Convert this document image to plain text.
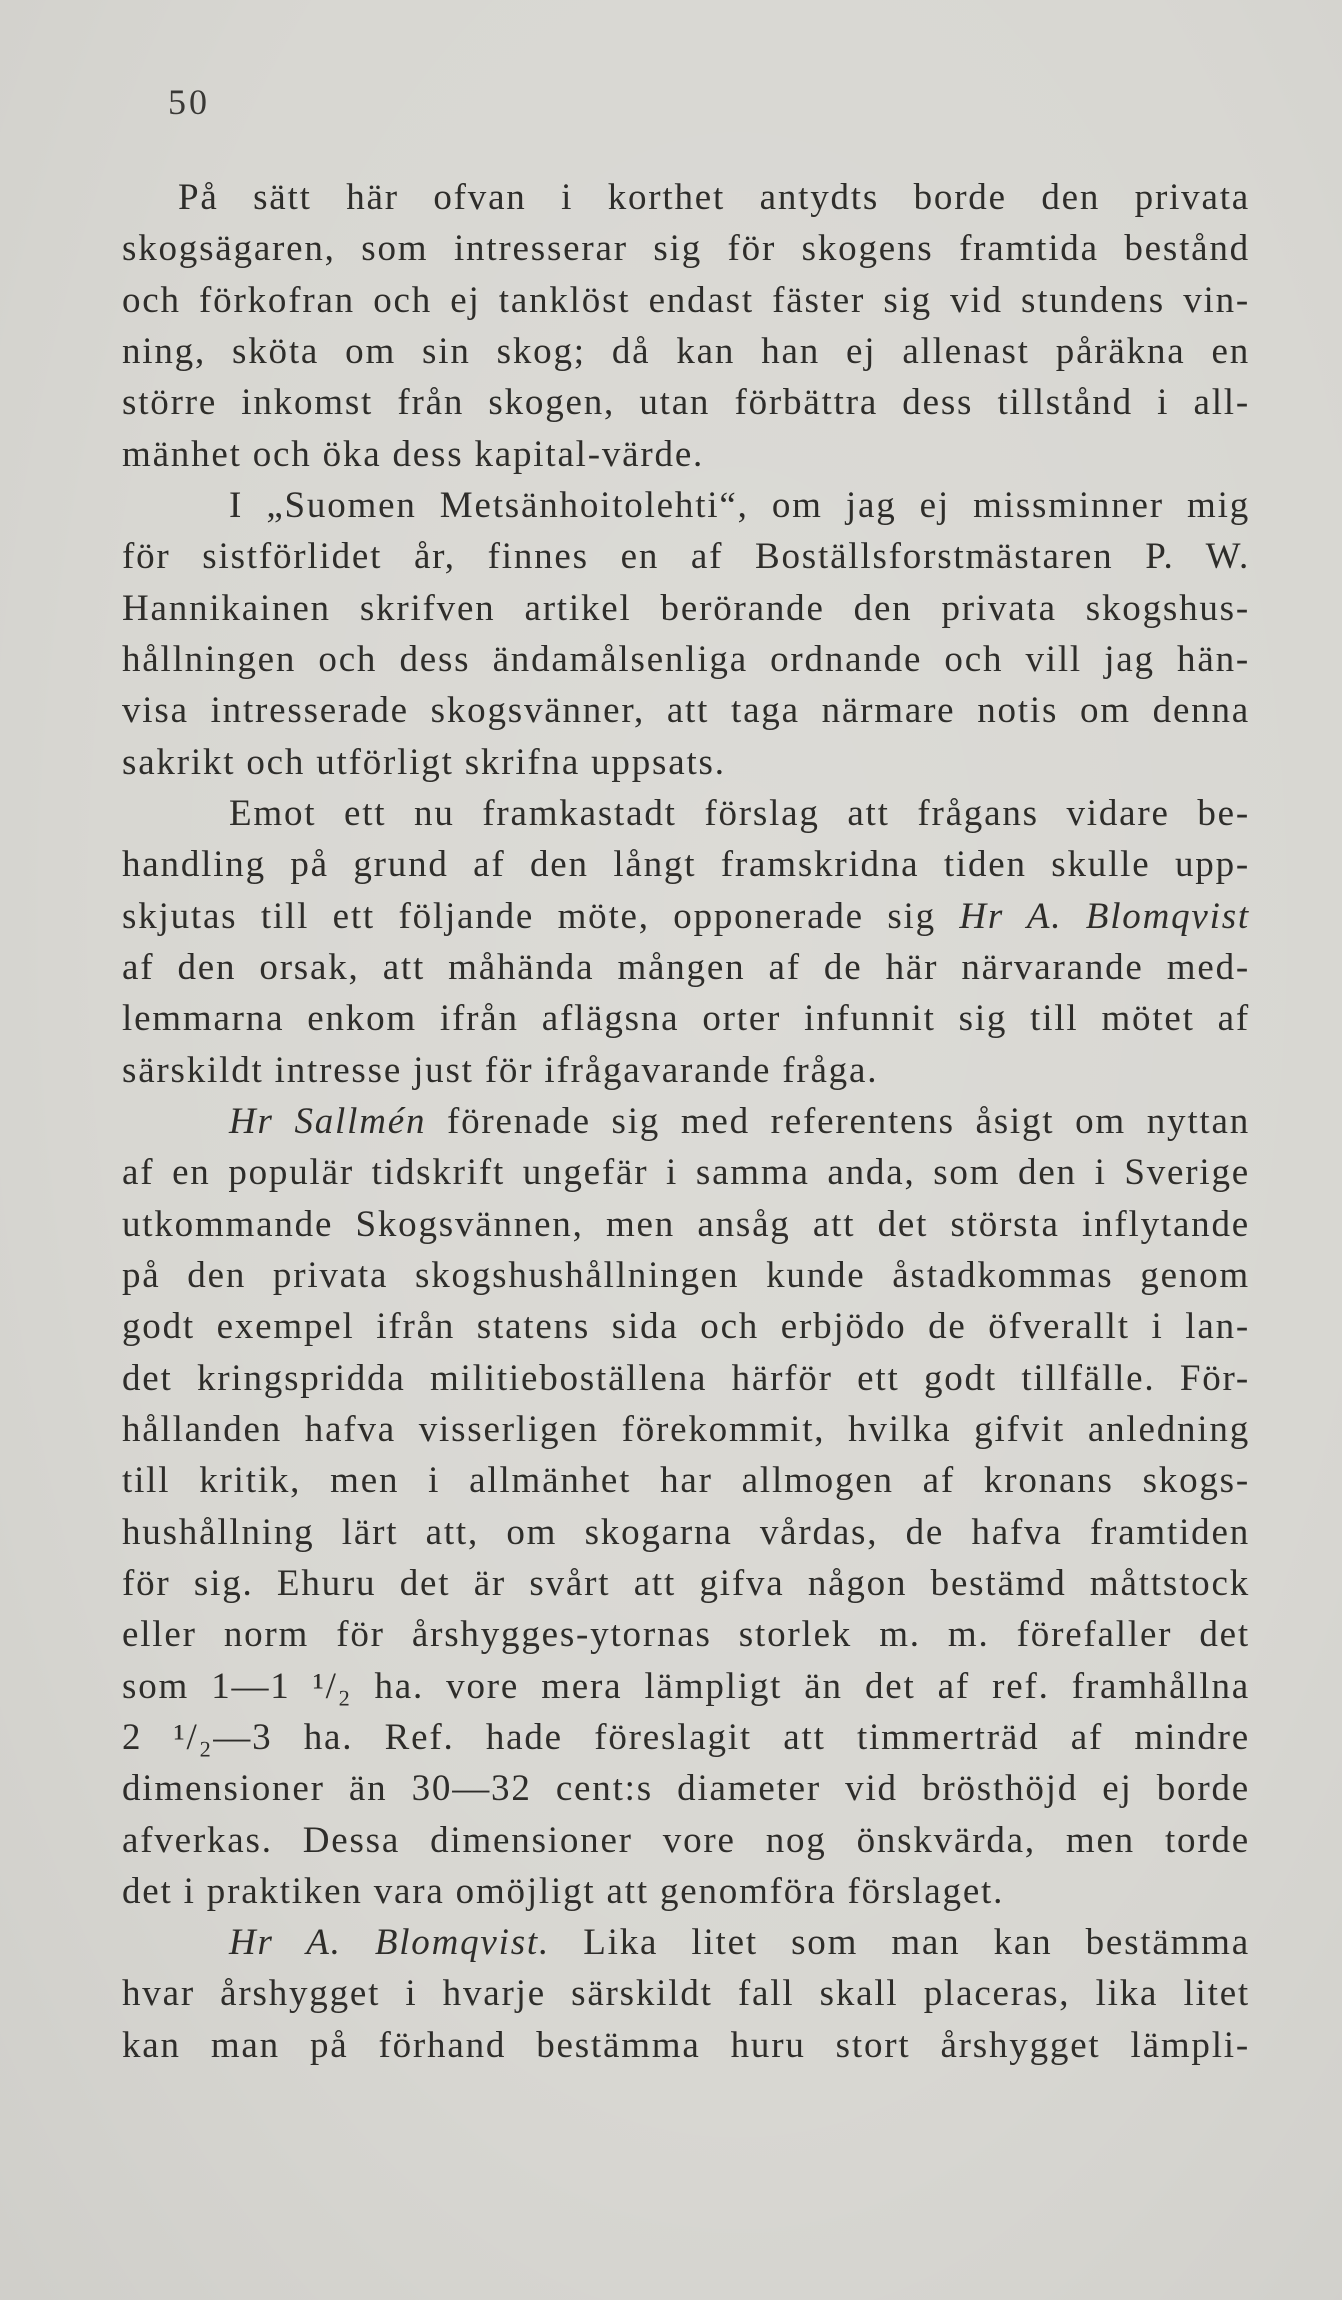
50
På sätt här ofvan i korthet antydts borde den privata
skogsägaren, som intresserar sig för skogens framtida bestånd
och förkofran och ej tanklöst endast fäster sig vid stundens vin-
ning, sköta om sin skog; då kan han ej allenast påräkna en
större inkomst från skogen, utan förbättra dess tillstånd i all-
mänhet och öka dess kapital-värde.
I „Suomen Metsänhoitolehti“, om jag ej missminner mig
för sistförlidet år, finnes en af Boställsforstmästaren P. W.
Hannikainen skrifven artikel berörande den privata skogshus-
hållningen och dess ändamålsenliga ordnande och vill jag hän-
visa intresserade skogsvänner, att taga närmare notis om denna
sakrikt och utförligt skrifna uppsats.
Emot ett nu framkastadt förslag att frågans vidare be-
handling på grund af den långt framskridna tiden skulle upp-
skjutas till ett följande möte, opponerade sig Hr A. Blomqvist
af den orsak, att måhända mången af de här närvarande med-
lemmarna enkom ifrån aflägsna orter infunnit sig till mötet af
särskildt intresse just för ifrågavarande fråga.
Hr Sallmén förenade sig med referentens åsigt om nyttan
af en populär tidskrift ungefär i samma anda, som den i Sverige
utkommande Skogsvännen, men ansåg att det största inflytande
på den privata skogshushållningen kunde åstadkommas genom
godt exempel ifrån statens sida och erbjödo de öfverallt i lan-
det kringspridda militieboställena härför ett godt tillfälle. För-
hållanden hafva visserligen förekommit, hvilka gifvit anledning
till kritik, men i allmänhet har allmogen af kronans skogs-
hushållning lärt att, om skogarna vårdas, de hafva framtiden
för sig. Ehuru det är svårt att gifva någon bestämd måttstock
eller norm för årshygges-ytornas storlek m. m. förefaller det
som 1—1 ¹/₂ ha. vore mera lämpligt än det af ref. framhållna
2 ¹/₂—3 ha. Ref. hade föreslagit att timmerträd af mindre
dimensioner än 30—32 cent:s diameter vid brösthöjd ej borde
afverkas. Dessa dimensioner vore nog önskvärda, men torde
det i praktiken vara omöjligt att genomföra förslaget.
Hr A. Blomqvist. Lika litet som man kan bestämma
hvar årshygget i hvarje särskildt fall skall placeras, lika litet
kan man på förhand bestämma huru stort årshygget lämpli-
